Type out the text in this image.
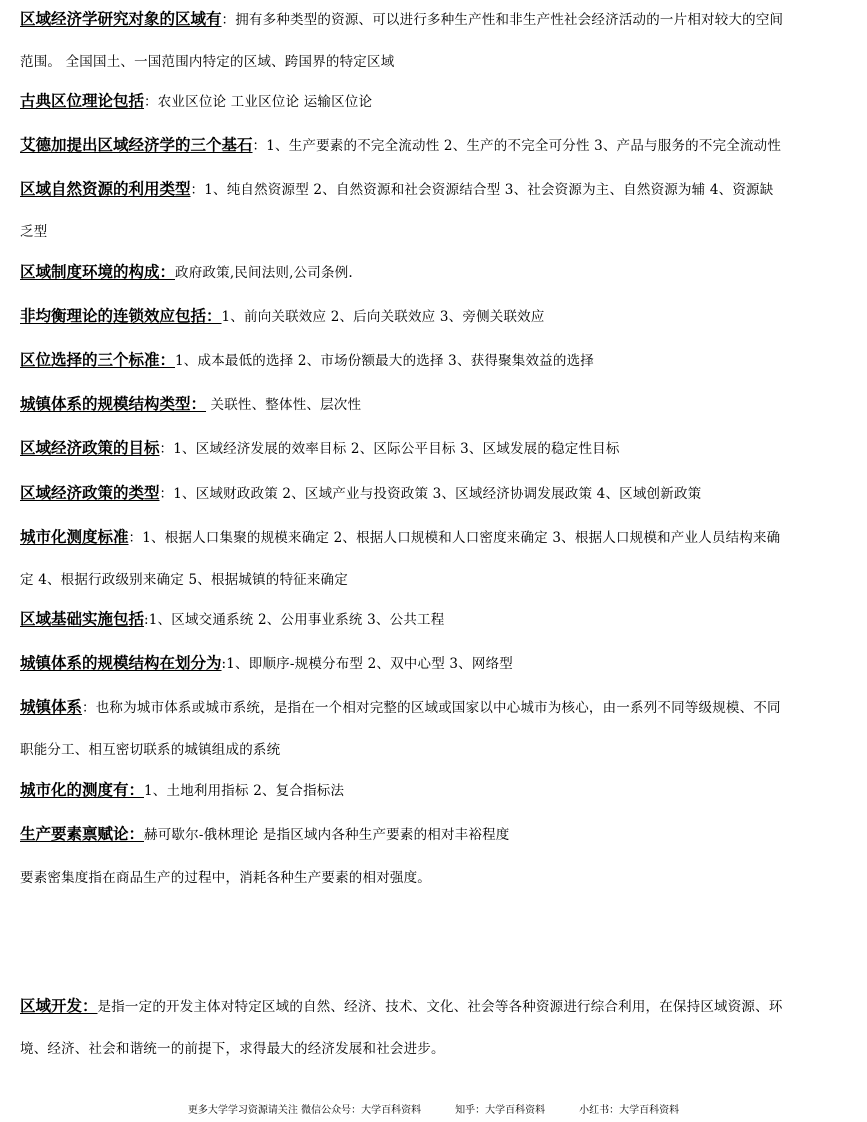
区域经济学研究对象的区域有：拥有多种类型的资源、可以进行多种生产性和非生产性社会经济活动的一片相对较大的空间
范围。 全国国土、一国范围内特定的区域、跨国界的特定区域
古典区位理论包括：农业区位论 工业区位论 运输区位论
艾德加提出区域经济学的三个基石：1、生产要素的不完全流动性 2、生产的不完全可分性 3、产品与服务的不完全流动性
区域自然资源的利用类型：1、纯自然资源型 2、自然资源和社会资源结合型 3、社会资源为主、自然资源为辅 4、资源缺
乏型
区域制度环境的构成：政府政策,民间法则,公司条例.
非均衡理论的连锁效应包括：1、前向关联效应 2、后向关联效应 3、旁侧关联效应
区位选择的三个标准：1、成本最低的选择 2、市场份额最大的选择 3、获得聚集效益的选择
城镇体系的规模结构类型： 关联性、整体性、层次性
区域经济政策的目标：1、区域经济发展的效率目标 2、区际公平目标 3、区域发展的稳定性目标
区域经济政策的类型：1、区域财政政策 2、区域产业与投资政策 3、区域经济协调发展政策 4、区域创新政策
城市化测度标准：1、根据人口集聚的规模来确定 2、根据人口规模和人口密度来确定 3、根据人口规模和产业人员结构来确
定 4、根据行政级别来确定 5、根据城镇的特征来确定
区域基础实施包括:1、区域交通系统 2、公用事业系统 3、公共工程
城镇体系的规模结构在划分为:1、即顺序-规模分布型 2、双中心型 3、网络型
城镇体系：也称为城市体系或城市系统，是指在一个相对完整的区域或国家以中心城市为核心，由一系列不同等级规模、不同
职能分工、相互密切联系的城镇组成的系统
城市化的测度有：1、土地利用指标 2、复合指标法
生产要素禀赋论：赫可歇尔-俄林理论 是指区域内各种生产要素的相对丰裕程度
要素密集度指在商品生产的过程中，消耗各种生产要素的相对强度。
区域开发：是指一定的开发主体对特定区域的自然、经济、技术、文化、社会等各种资源进行综合利用，在保持区域资源、环
境、经济、社会和谐统一的前提下，求得最大的经济发展和社会进步。
更多大学学习资源请关注 微信公众号：大学百科资料	知乎：大学百科资料	小红书：大学百科资料
